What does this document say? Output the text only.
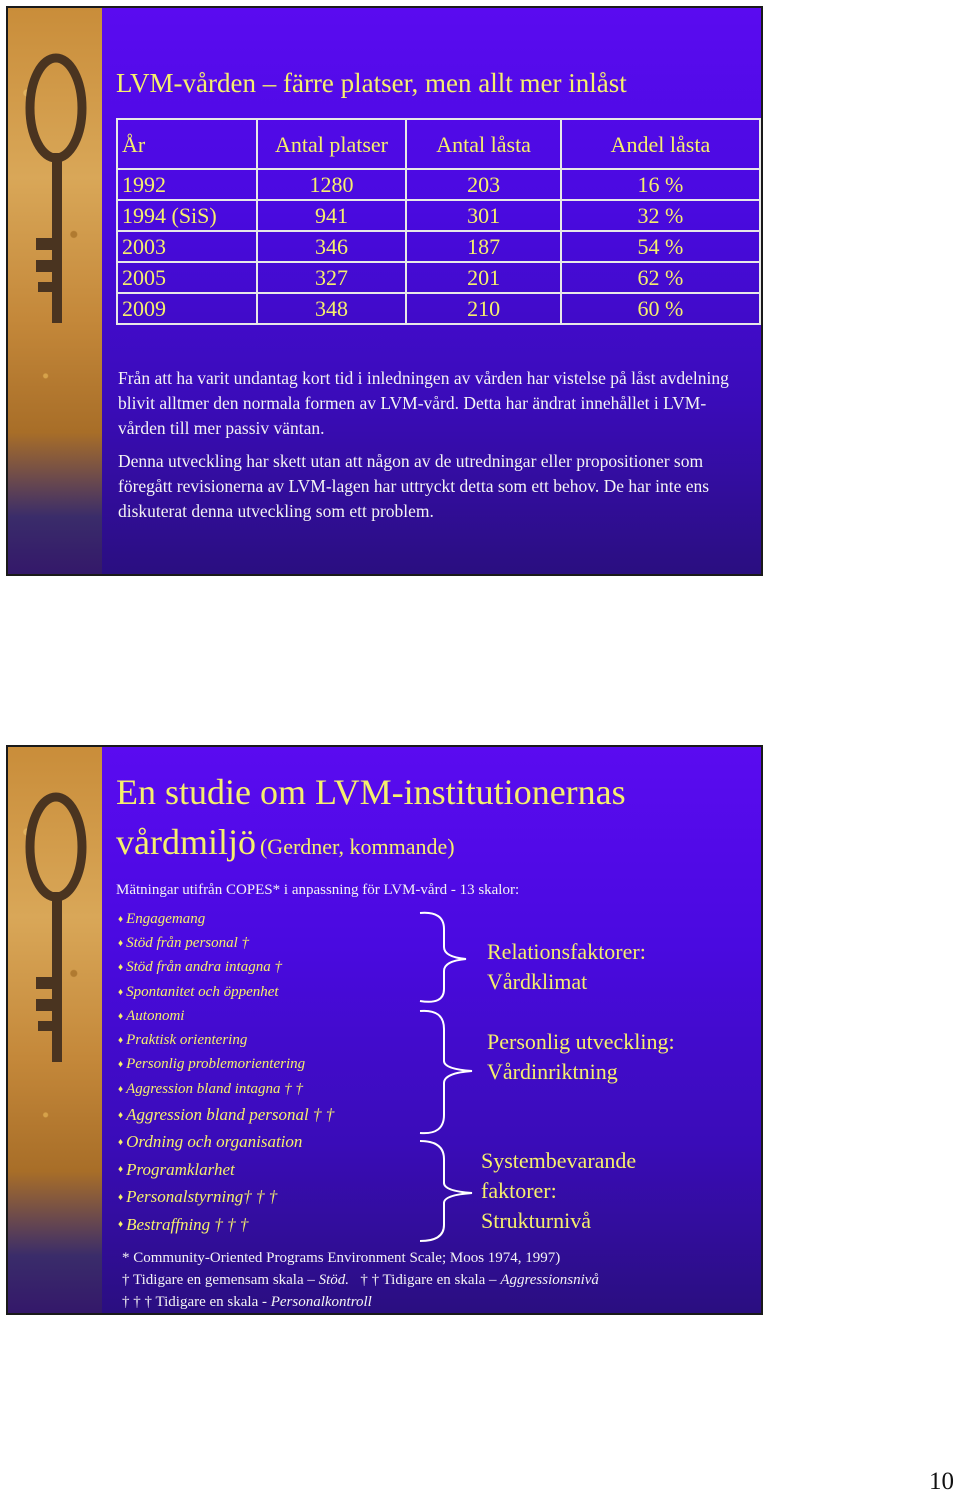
LVM-vården – färre platser, men allt mer inlåst
År	Antal platser	Antal låsta	Andel låsta
1992	1280	203	16 %
1994 (SiS)	941	301	32 %
2003	346	187	54 %
2005	327	201	62 %
2009	348	210	60 %
Från att ha varit undantag kort tid i inledningen av vården har vistelse på låst avdelning blivit alltmer den normala formen av LVM-vård. Detta har ändrat innehållet i LVM-vården till mer passiv väntan.
Denna utveckling har skett utan att någon av de utredningar eller propositioner som föregått revisionerna av LVM-lagen har uttryckt detta som ett behov. De har inte ens diskuterat denna utveckling som ett problem.
En studie om LVM-institutionernas
vårdmiljö (Gerdner, kommande)
Mätningar utifrån COPES* i anpassning för LVM-vård - 13 skalor:
♦ Engagemang
♦ Stöd från personal †
♦ Stöd från andra intagna †
♦ Spontanitet och öppenhet
♦ Autonomi
♦ Praktisk orientering
♦ Personlig problemorientering
♦ Aggression bland intagna † †
♦ Aggression bland personal † †
♦ Ordning och organisation
♦ Programklarhet
♦ Personalstyrning† † †
♦ Bestraffning † † †
Relationsfaktorer:
Vårdklimat
Personlig utveckling:
Vårdinriktning
Systembevarande
faktorer:
Strukturnivå
* Community-Oriented Programs Environment Scale; Moos 1974, 1997)
† Tidigare en gemensam skala – Stöd. † † Tidigare en skala – Aggressionsnivå
† † † Tidigare en skala - Personalkontroll
10
